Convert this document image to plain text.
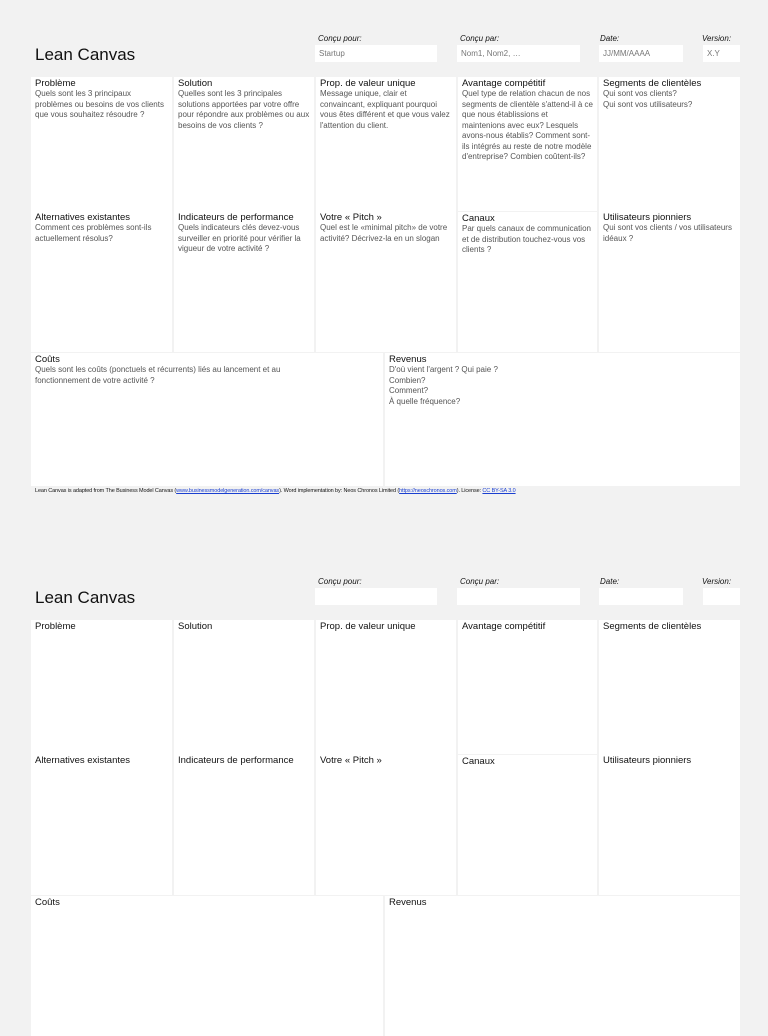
Lean Canvas
Conçu pour:
Startup
Conçu par:
Nom1, Nom2, …
Date:
JJ/MM/AAAA
Version:
X.Y
Problème
Quels sont les 3 principaux problèmes ou besoins de vos clients que vous souhaitez résoudre ?
Solution
Quelles sont les 3 principales solutions apportées par votre offre pour répondre aux problèmes ou aux besoins de vos clients ?
Prop. de valeur unique
Message unique, clair et convaincant, expliquant pourquoi vous êtes différent et que vous valez l'attention du client.
Avantage compétitif
Quel type de relation chacun de nos segments de clientèle s'attend-il à ce que nous établissions et maintenions avec eux? Lesquels avons-nous établis? Comment sont-ils intégrés au reste de notre modèle d'entreprise? Combien coûtent-ils?
Segments de clientèles
Qui sont vos clients?
Qui sont vos utilisateurs?
Alternatives existantes
Comment ces problèmes sont-ils actuellement résolus?
Indicateurs de performance
Quels indicateurs clés devez-vous surveiller en priorité pour vérifier la vigueur de votre activité ?
Votre « Pitch »
Quel est le «minimal pitch» de votre activité? Décrivez-la en un slogan
Canaux
Par quels canaux de communication et de distribution touchez-vous vos clients ?
Utilisateurs pionniers
Qui sont vos clients / vos utilisateurs idéaux ?
Coûts
Quels sont les coûts (ponctuels et récurrents) liés au lancement et au fonctionnement de votre activité ?
Revenus
D'où vient l'argent ? Qui paie ?
Combien?
Comment?
À quelle fréquence?
Lean Canvas is adapted from The Business Model Canvas (www.businessmodelgeneration.com/canvas). Word implementation by: Neos Chronos Limited (https://neoschronos.com). License: CC BY-SA 3.0
Lean Canvas
Conçu pour:	Conçu par:	Date:	Version:
Problème	Solution	Prop. de valeur unique	Avantage compétitif	Segments de clientèles
Alternatives existantes	Indicateurs de performance	Votre « Pitch »	Canaux	Utilisateurs pionniers
Coûts	Revenus
